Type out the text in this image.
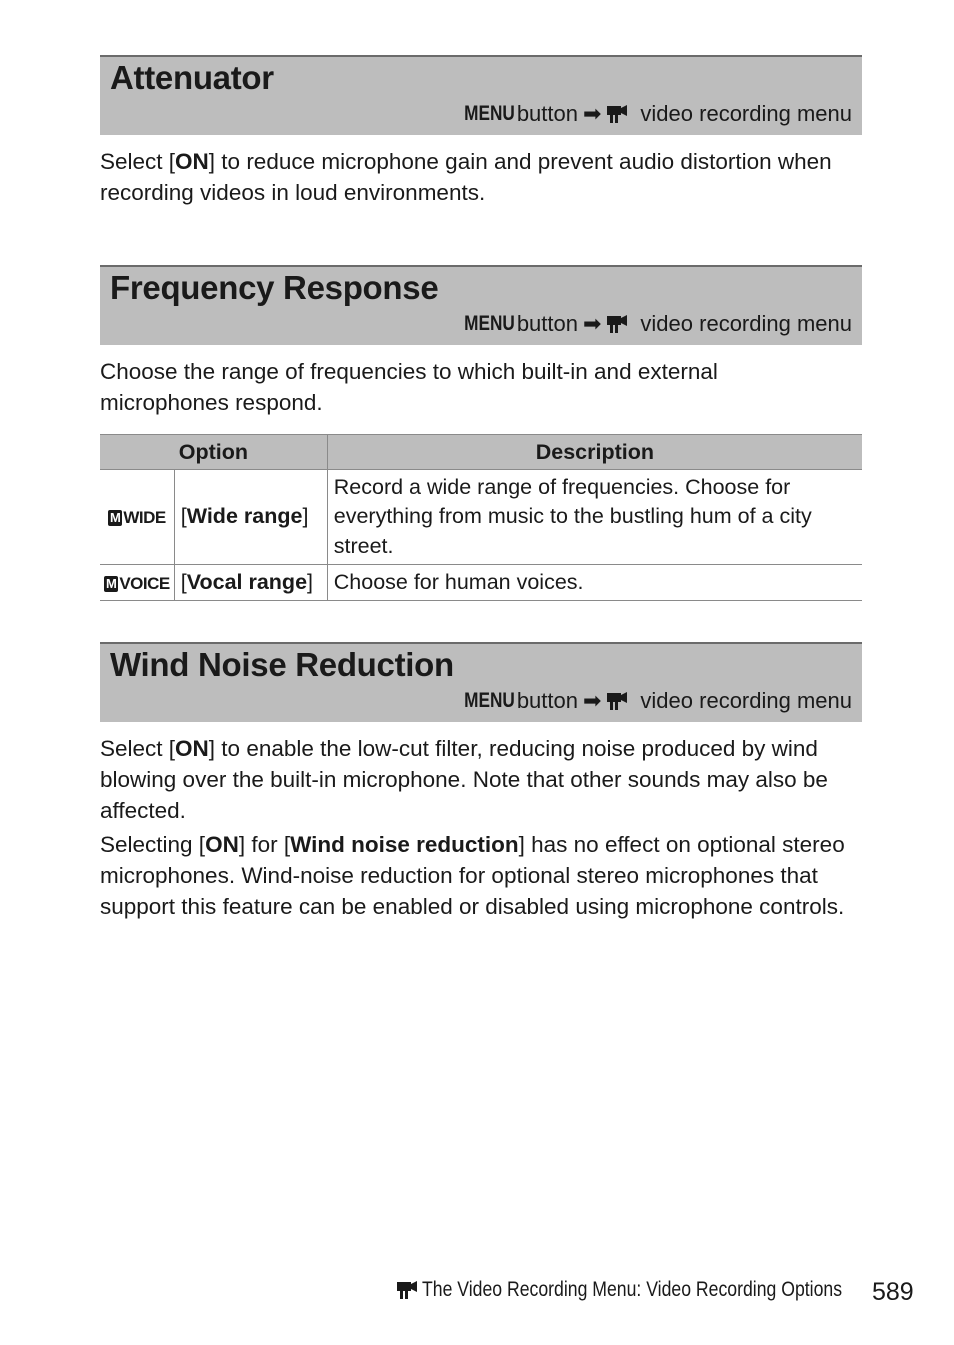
Attenuator
MENU button ➡ video recording menu

Select [ON] to reduce microphone gain and prevent audio distortion when recording videos in loud environments.

Frequency Response
MENU button ➡ video recording menu

Choose the range of frequencies to which built-in and external microphones respond.

Option		Description

M WIDE	[Wide range]	Record a wide range of frequencies. Choose for everything from music to the bustling hum of a city street.

M VOICE	[Vocal range]	Choose for human voices.
Wind Noise Reduction
MENU button ➡ video recording menu

Select [ON] to enable the low-cut filter, reducing noise produced by wind blowing over the built-in microphone. Note that other sounds may also be affected.

Selecting [ON] for [Wind noise reduction] has no effect on optional stereo microphones. Wind-noise reduction for optional stereo microphones that support this feature can be enabled or disabled using microphone controls.

The Video Recording Menu: Video Recording Options 589
